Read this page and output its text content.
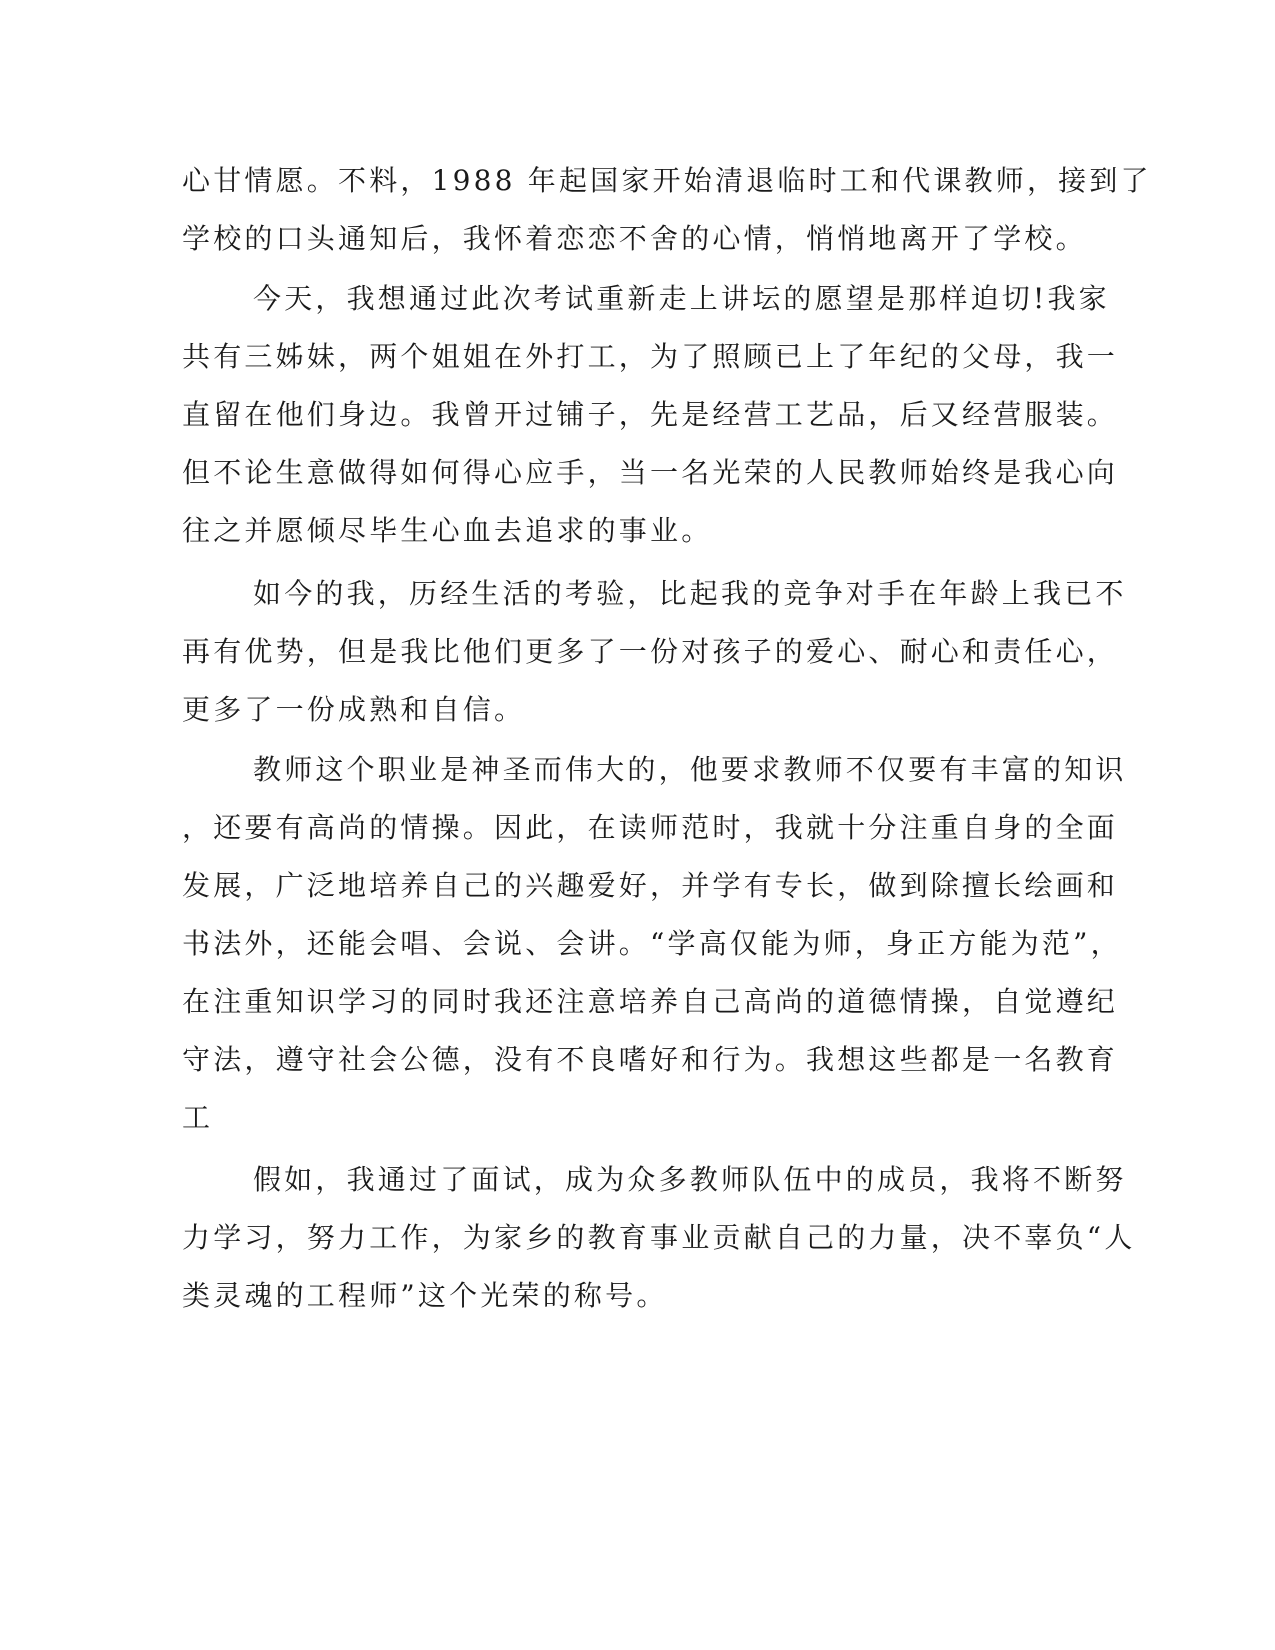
心甘情愿。不料，1988 年起国家开始清退临时工和代课教师，接到了
学校的口头通知后，我怀着恋恋不舍的心情，悄悄地离开了学校。
今天，我想通过此次考试重新走上讲坛的愿望是那样迫切!我家
共有三姊妹，两个姐姐在外打工，为了照顾已上了年纪的父母，我一
直留在他们身边。我曾开过铺子，先是经营工艺品，后又经营服装。
但不论生意做得如何得心应手，当一名光荣的人民教师始终是我心向
往之并愿倾尽毕生心血去追求的事业。
如今的我，历经生活的考验，比起我的竞争对手在年龄上我已不
再有优势，但是我比他们更多了一份对孩子的爱心、耐心和责任心，
更多了一份成熟和自信。
教师这个职业是神圣而伟大的，他要求教师不仅要有丰富的知识
，还要有高尚的情操。因此，在读师范时，我就十分注重自身的全面
发展，广泛地培养自己的兴趣爱好，并学有专长，做到除擅长绘画和
书法外，还能会唱、会说、会讲。“学高仅能为师，身正方能为范”，
在注重知识学习的同时我还注意培养自己高尚的道德情操，自觉遵纪
守法，遵守社会公德，没有不良嗜好和行为。我想这些都是一名教育
工
假如，我通过了面试，成为众多教师队伍中的成员，我将不断努
力学习，努力工作，为家乡的教育事业贡献自己的力量，决不辜负“人
类灵魂的工程师”这个光荣的称号。
